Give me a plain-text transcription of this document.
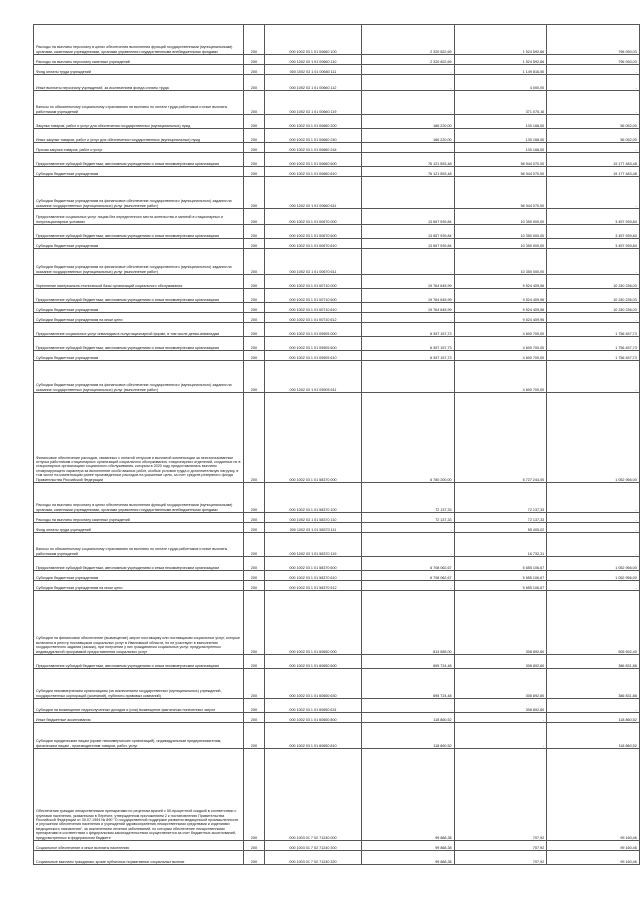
Расходы на выплаты персоналу в целях обеспечения выполнения функций государственными (муниципальными) органами, казенными учреждениями, органами управления государственными внебюджетными фондами	200	000 1002 03 1 01 00660 100	2 320 822,69	1 524 592,66	796 930,03
Расходы на выплаты персоналу казенных учреждений	200	000 1002 03 1 01 00660 110	2 320 822,69	1 524 592,66	796 930,03
Фонд оплаты труда учреждений	200	000 1002 03 1 01 00660 111	-	1 149 816,50	-
Иные выплаты персоналу учреждений, за исключением фонда оплаты труда	200	000 1002 03 1 01 00660 112	-	4 000,00	-
Взносы по обязательному социальному страхованию на выплаты по оплате труда работников и иные выплаты работникам учреждений	200	000 1002 03 1 01 00660 119	-	371 075,16	-
Закупка товаров, работ и услуг для обеспечения государственных (муниципальных) нужд	200	000 1002 03 1 01 00660 200	186 220,00	130 168,00	56 052,00
Иные закупки товаров, работ и услуг для обеспечения государственных (муниципальных) нужд	200	000 1002 03 1 01 00660 240	186 220,00	130 168,00	56 052,00
Прочая закупка товаров, работ и услуг	200	000 1002 03 1 01 00660 244	-	130 168,00	-
Предоставление субсидий бюджетным, автономным учреждениям и иным некоммерческим организациям	200	000 1002 03 1 01 00660 600	76 121 553,48	56 944 070,00	19 177 483,48
Субсидии бюджетным учреждениям	200	000 1002 03 1 01 00660 610	76 121 553,48	56 944 070,00	19 177 483,48
Субсидии бюджетным учреждениям на финансовое обеспечение государственного (муниципального) задания на оказание государственных (муниципальных) услуг (выполнение работ)	200	000 1002 03 1 01 00660 611	-	56 944 070,00	-
Предоставление социальных услуг лицам без определенного места жительства и занятий в стационарных и полустационарных условиях	200	000 1002 03 1 01 00670 000	13 657 939,84	10 350 000,00	3 457 939,84
Предоставление субсидий бюджетным, автономным учреждениям и иным некоммерческим организациям	200	000 1002 03 1 01 00670 600	13 657 939,84	10 350 000,00	3 457 939,84
Субсидии бюджетным учреждениям	200	000 1002 03 1 01 00670 610	13 657 939,84	10 350 000,00	3 457 939,84
Субсидии бюджетным учреждениям на финансовое обеспечение государственного (муниципального) задания на оказание государственных (муниципальных) услуг (выполнение работ)	200	000 1002 03 1 01 00670 611	-	10 350 000,00	-
Укрепление материально-технической базы организаций социального обслуживания	200	000 1002 03 1 01 00710 000	19 764 645,99	9 524 409,96	10 240 236,03
Предоставление субсидий бюджетным, автономным учреждениям и иным некоммерческим организациям	200	000 1002 03 1 01 00710 600	19 764 645,99	9 524 409,96	10 240 236,03
Субсидии бюджетным учреждениям	200	000 1002 03 1 01 00710 610	19 764 645,99	9 524 409,96	10 240 236,03
Субсидии бюджетным учреждениям на иные цели	200	000 1002 03 1 01 00710 612	-	9 524 409,96	-
Предоставление социальных услуг инвалидам в полустационарной форме, в том числе детям-инвалидам	200	000 1002 03 1 01 05905 000	6 357 157,73	4 600 700,00	1 756 457,73
Предоставление субсидий бюджетным, автономным учреждениям и иным некоммерческим организациям	200	000 1002 03 1 01 05905 600	6 357 157,73	4 600 700,00	1 756 457,73
Субсидии бюджетным учреждениям	200	000 1002 03 1 01 05905 610	6 357 157,73	4 600 700,00	1 756 457,73
Субсидии бюджетным учреждениям на финансовое обеспечение государственного (муниципального) задания на оказание государственных (муниципальных) услуг (выполнение работ)	200	000 1002 03 1 01 05905 611	-	4 600 700,00	-
Финансовое обеспечение расходов, связанных с оплатой отпусков и выплатой компенсации за неиспользованные отпуска работникам стационарных организаций социального обслуживания, стационарных отделений, созданных не в стационарных организациях социального обслуживания, которым в 2020 году предоставлялись выплаты стимулирующего характера за выполнение особо важных работ, особые условия труда и дополнительную нагрузку, в том числе на компенсацию ранее произведенных расходов на указанные цели, за счет средств резервного фонда Правительства Российской Федерации	200	000 1002 03 1 01 58370 000	6 780 200,00	5 727 244,00	1 052 956,00
Расходы на выплаты персоналу в целях обеспечения выполнения функций государственными (муниципальными) органами, казенными учреждениями, органами управления государственными внебюджетными фондами	200	000 1002 03 1 01 58370 100	72 137,33	72 137,33	-
Расходы на выплаты персоналу казенных учреждений	200	000 1002 03 1 01 58370 110	72 137,33	72 137,33	-
Фонд оплаты труда учреждений	200	000 1002 03 1 01 58370 111	-	55 405,02	-
Взносы по обязательному социальному страхованию на выплаты по оплате труда работников и иные выплаты работникам учреждений	200	000 1002 03 1 01 58370 119	-	16 732,31	-
Предоставление субсидий бюджетным, автономным учреждениям и иным некоммерческим организациям	200	000 1002 03 1 01 58370 600	6 708 062,67	5 655 106,67	1 052 956,00
Субсидии бюджетным учреждениям	200	000 1002 03 1 01 58370 610	6 708 062,67	5 655 106,67	1 052 956,00
Субсидии бюджетным учреждениям на иные цели	200	000 1002 03 1 01 58370 612	-	5 655 106,67	-
Субсидии на финансовое обеспечение (возмещение) затрат поставщику или поставщикам социальных услуг, которые включены в реестр поставщиков социальных услуг в Ивановской области, но не участвуют в выполнении государственного задания (заказа), при получении у них гражданином социальных услуг, предусмотренных индивидуальной программой предоставления социальных услуг	200	000 1002 03 1 01 60650 000	814 585,00	308 892,60	505 692,40
Предоставление субсидий бюджетным, автономным учреждениям и иным некоммерческим организациям	200	000 1002 03 1 01 60650 600	695 724,48	308 892,60	386 831,88
Субсидии некоммерческим организациям (за исключением государственных (муниципальных) учреждений, государственных корпораций (компаний), публично-правовых компаний)	200	000 1002 03 1 01 60650 630	695 724,48	308 892,60	386 831,88
Субсидии на возмещение недополученных доходов и (или) возмещение фактически понесенных затрат	200	000 1002 03 1 01 60650 631	-	308 892,60	-
Иные бюджетные ассигнования	200	000 1002 03 1 01 60650 800	118 860,52	-	118 860,52
Субсидии юридическим лицам (кроме некоммерческих организаций), индивидуальным предпринимателям, физическим лицам - производителям товаров, работ, услуг	200	000 1002 03 1 01 60650 810	118 860,52	-	118 860,52
Обеспечение граждан лекарственными препаратами по рецептам врачей с 50-процентной скидкой в соответствии с группами населения, указанными в Перечне, утвержденном приложением 2 к постановлению Правительства Российской Федерации от 30.07.1994 № 890 "О государственной поддержке развития медицинской промышленности и улучшении обеспечения населения и учреждений здравоохранения лекарственными средствами и изделиями медицинского назначения", за исключением лечения заболеваний, по которым обеспечение лекарственными препаратами в соответствии с федеральным законодательством осуществляется за счет бюджетных ассигнований, предусмотренных в федеральном бюджете	200	000 1003 01 7 02 71240 000	99 868,38	707,92	99 160,46
Социальное обеспечение и иные выплаты населению	200	000 1003 01 7 02 71240 300	99 868,38	707,92	99 160,46
Социальные выплаты гражданам, кроме публичных нормативных социальных выплат	200	000 1003 01 7 02 71240 320	99 868,38	707,92	99 160,46
